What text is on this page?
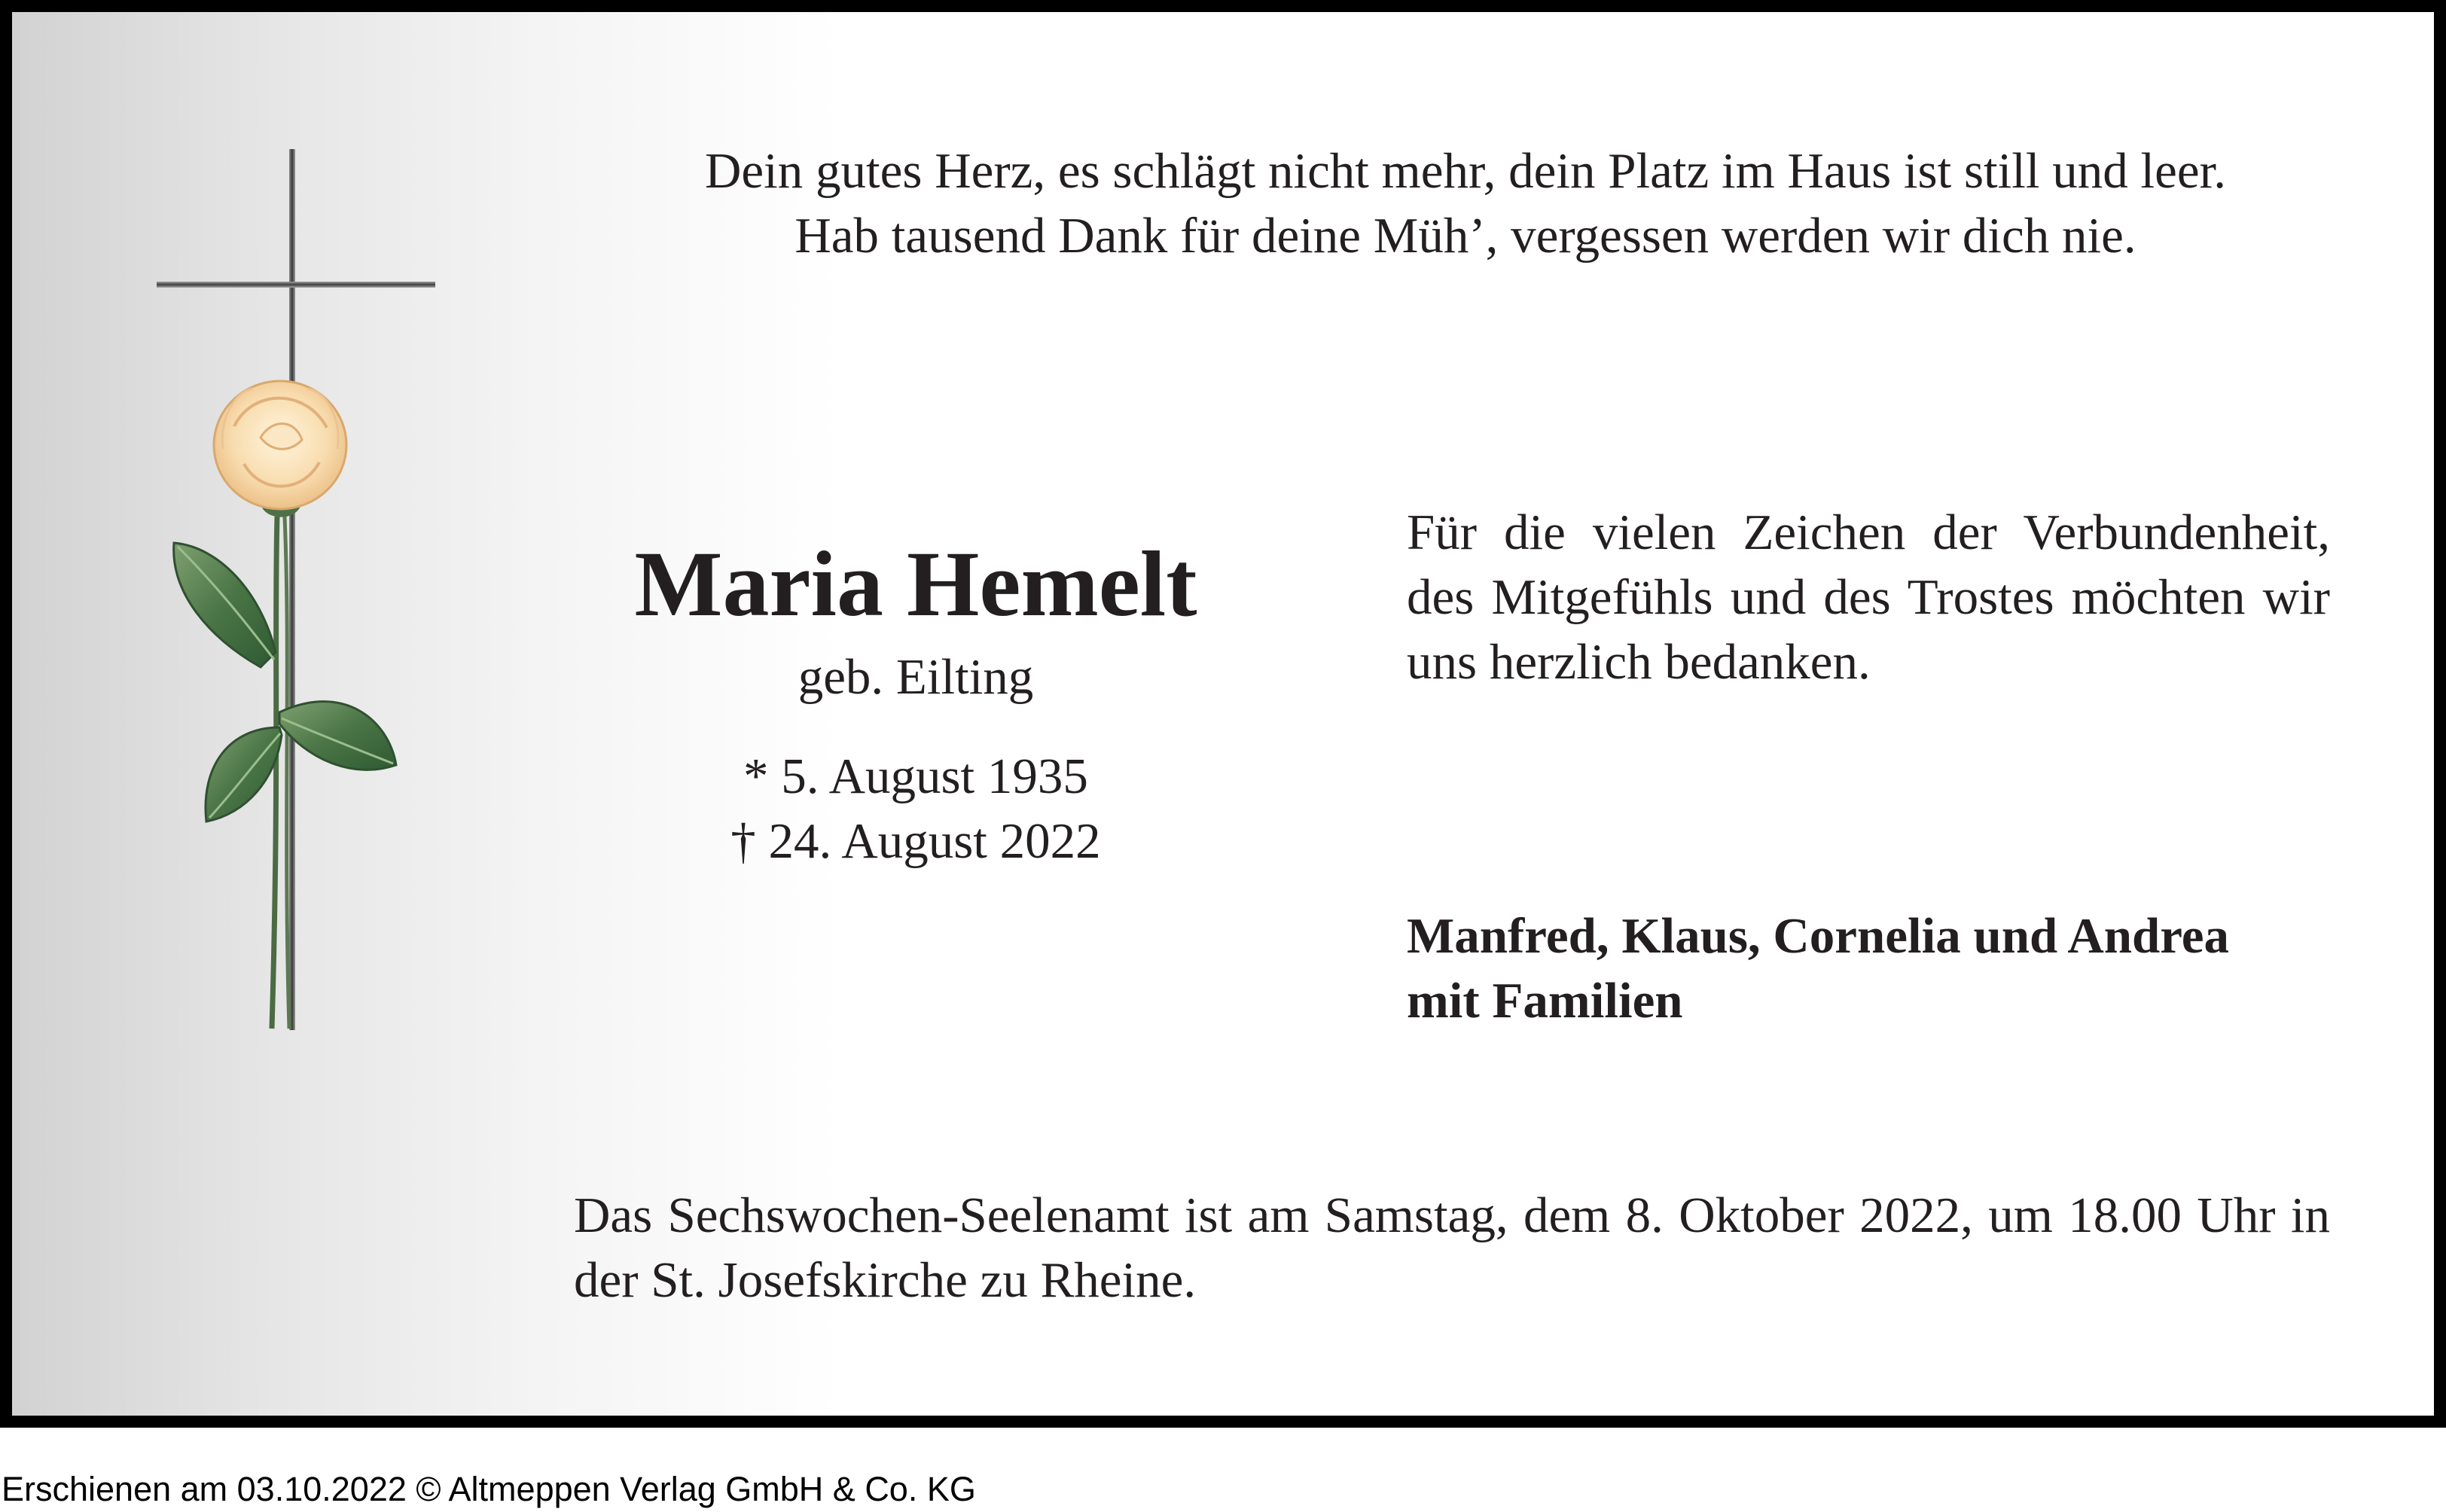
Dein gutes Herz, es schlägt nicht mehr, dein Platz im Haus ist still und leer.

Hab tausend Dank für deine Müh’, vergessen werden wir dich nie.

Maria Hemelt
geb. Eilting
* 5. August 1935
† 24. August 2022
Für die vielen Zeichen der Verbundenheit, des Mitgefühls und des Trostes möchten wir uns herzlich bedanken.

Manfred, Klaus, Cornelia und Andrea

mit Familien

Das Sechswochen-Seelenamt ist am Samstag, dem 8. Oktober 2022, um 18.00 Uhr in der St. Josefskirche zu Rheine.
Erschienen am 03.10.2022 © Altmeppen Verlag GmbH & Co. KG
